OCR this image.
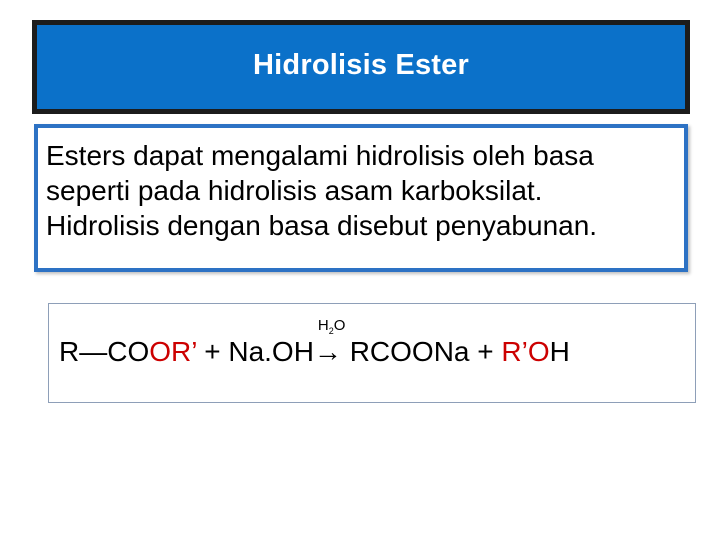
Hidrolisis Ester
Esters dapat mengalami hidrolisis oleh basa
seperti pada hidrolisis asam karboksilat.
Hidrolisis dengan basa disebut penyabunan.
R—COOR’ + Na.OH
$H_2O$
→ RCOONa + R’OH
